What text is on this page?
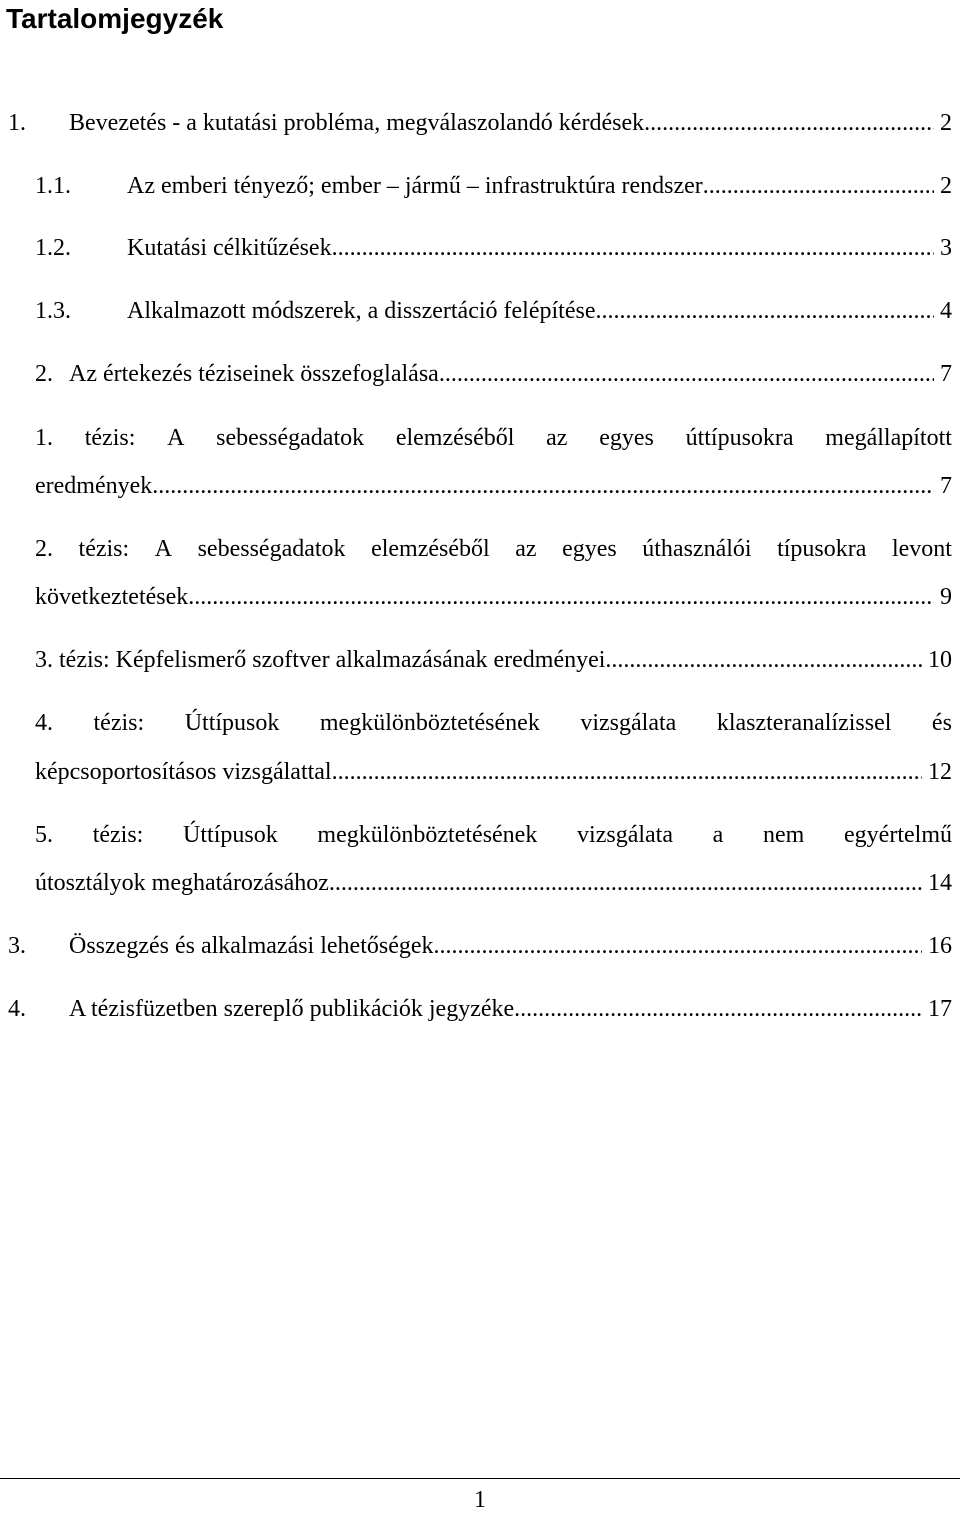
Tartalomjegyzék
1.	Bevezetés - a kutatási probléma, megválaszolandó kérdések .....	2
1.1.	Az emberi tényező; ember – jármű – infrastruktúra rendszer .....	2
1.2.	Kutatási célkitűzések .....	3
1.3.	Alkalmazott módszerek, a disszertáció felépítése .....	4
2. Az értekezés téziseinek összefoglalása .....	7
1. tézis: A sebességadatok elemzéséből az egyes úttípusokra megállapított
eredmények .....	7
2. tézis: A sebességadatok elemzéséből az egyes úthasználói típusokra levont
következtetések .....	9
3. tézis: Képfelismerő szoftver alkalmazásának eredményei .....	10
4. tézis: Úttípusok megkülönböztetésének vizsgálata klaszteranalízissel és
képcsoportosításos vizsgálattal .....	12
5. tézis: Úttípusok megkülönböztetésének vizsgálata a nem egyértelmű
útosztályok meghatározásához .....	14
3.	Összegzés és alkalmazási lehetőségek .....	16
4.	A tézisfüzetben szereplő publikációk jegyzéke .....	17
1
